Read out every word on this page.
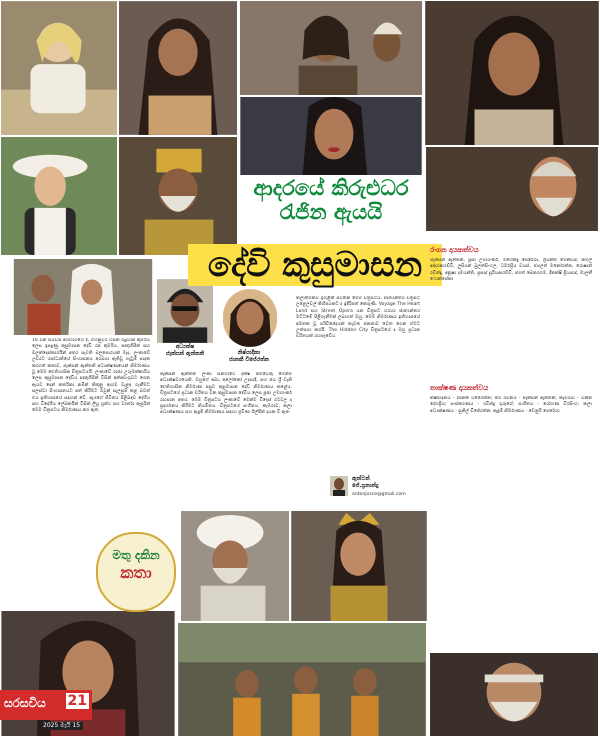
ආදරයේ කිරුළුධර
රැජින ඇයයි
දේවි කුසුමාසන
අධ්‍යක්ෂ
ජැක්සන් ඇන්තනි	නිෂ්පාදිකා
ජානකී විජේරත්න
16 වන සියවස අගභාගයේ දී, මහනුවර හපන රුද්‍රවාසී කුමරිය ලෙස ඉපදුණු කුසුමාසන දේවී රජ කුමරිය, පෘතුගීසීන් සහ ඔලන්දෙස්කාරයින් අතර පැවති බලපොරයක් මැද, ලංකාවේ උඩරට රාජධානියේ සිංහාසනය අරබයා ඇතිවූ ගැටුම් පාදක කරගත් කතාව, ජැක්සන් ඇන්තනි අධ්‍යක්ෂණයෙන් නිර්මාණය වූ මෙම ඓතිහාසික චිත්‍රපටයයි. ලංකාවේ රාජ්‍ය උරුමක්කාරිය ලෙස කුසුමාසන දේවිය පෘතුගීසීන් විසින් අත්අඩංගුවට ගෙන ඇයව දොන් කතරිනා නමින් කිතුනු ආගම වැළඳ ගැනීමට සලස්වා සිංහාසනයට පත් කිරීමට ඔවුන් සැලසුම් කළ බවත් එය ඉතිහාසයේ සඳහන් වේ. ඇයගේ ජීවිතය පිළිබඳව දේශීය සහ විදේශීය ලේඛකයින් විසින් ලියූ ග්‍රන්ථ සහ වාර්තා ඇසුරින් මෙම චිත්‍රපටය නිර්මාණය කර ඇත.
ජැක්සන් ඇන්තනි ලංකා සිනමාවේ දක්ෂ නළුවෙකු මෙන්ම අධ්‍යක්ෂවරයෙකි. ඔහුගේ අබා, අලෝකෝ උදපාදි, සහ ජය ශ්‍රී වැනි ඓතිහාසික නිර්මාණ පසුව කුසුමාසන දේවී නිර්මාණය කළේය. චිත්‍රපටයේ ප්‍රධාන චරිතය වන කුසුමාසන දේවිය ලෙස පූජා උමාශංකර් රඟපාන අතර, මෙම චිත්‍රපටය ලංකාවේ මෙන්ම විදෙස් රටවල ද ප්‍රදර්ශනය කිරීමට නියමිතය. චිත්‍රපටයේ සංගීතය, කැමරාව, කලා අධ්‍යක්ෂණය සහ ඇඳුම් නිර්මාණය සඳහා ප්‍රවීණ ශිල්පීන් දායක වී ඇත.
කලාත්මකව ඉහළින් පවතින මෙම චිත්‍රපටය, ජාත්‍යන්තර චිත්‍රපට උළෙලවල් කිහිපයකට ද ඉදිරිපත් කෙරුණි. Voyage The Heart Land සහ Street Opera යන චිත්‍රපට හරහා ජාත්‍යන්තර මට්ටමේ පිළිගැනීමක් ලබාගත් ඔහු, මෙම නිර්මාණය ඉතිහාසයේ අමතක වූ පරිච්ඡේදයක් නැවත ජනතාව වෙත ගෙන ඒමට උත්සාහ කරයි. The Hidden City චිත්‍රපටයේ ද ඔහු ප්‍රධාන චරිතයක් රඟපෑවේය.
ඇන්ටන්
ජේ.ප්‍රනාන්දු
antonjosce@gmail.com
රංගන දායකත්වය
ජැක්සන් ඇන්තනි, පූජා උමාශංකර්, මහේන්ද්‍ර පෙරේරා, ශ්‍රියන්ත මෙන්ඩිස්, කමල් අද්දරආරච්චි, ලුසියන් බුලත්සිංහල, ධර්මප්‍රිය ඩයස්, ජයලත් මනෝරත්න, රොෂාන් රවීන්ද්‍ර, අනූෂා දමයන්ති, ප්‍රසාද් සූරියආරච්චි, ජගත් බෙනරගම, දිනක්ෂි ප්‍රියසාද්, මාලනී ෆොන්සේකා
තාක්ෂණ දායකත්වය
නිෂ්පාදනය - ජානකී විජේරත්න; තිර රචනය - ජැක්සන් ඇන්තනි; කැමරාව - චන්න දේශප්‍රිය; සංස්කරණය - රවීන්ද්‍ර ගුරුගේ; සංගීතය - රෝහණ වීරසිංහ; කලා අධ්‍යක්ෂණය - සුනිල් විජේරත්න; ඇඳුම් නිර්මාණය - වෙනුරි පෙරේරා
මතු දකින
කතා
සරසවිය 21
2025 මැයි 15
